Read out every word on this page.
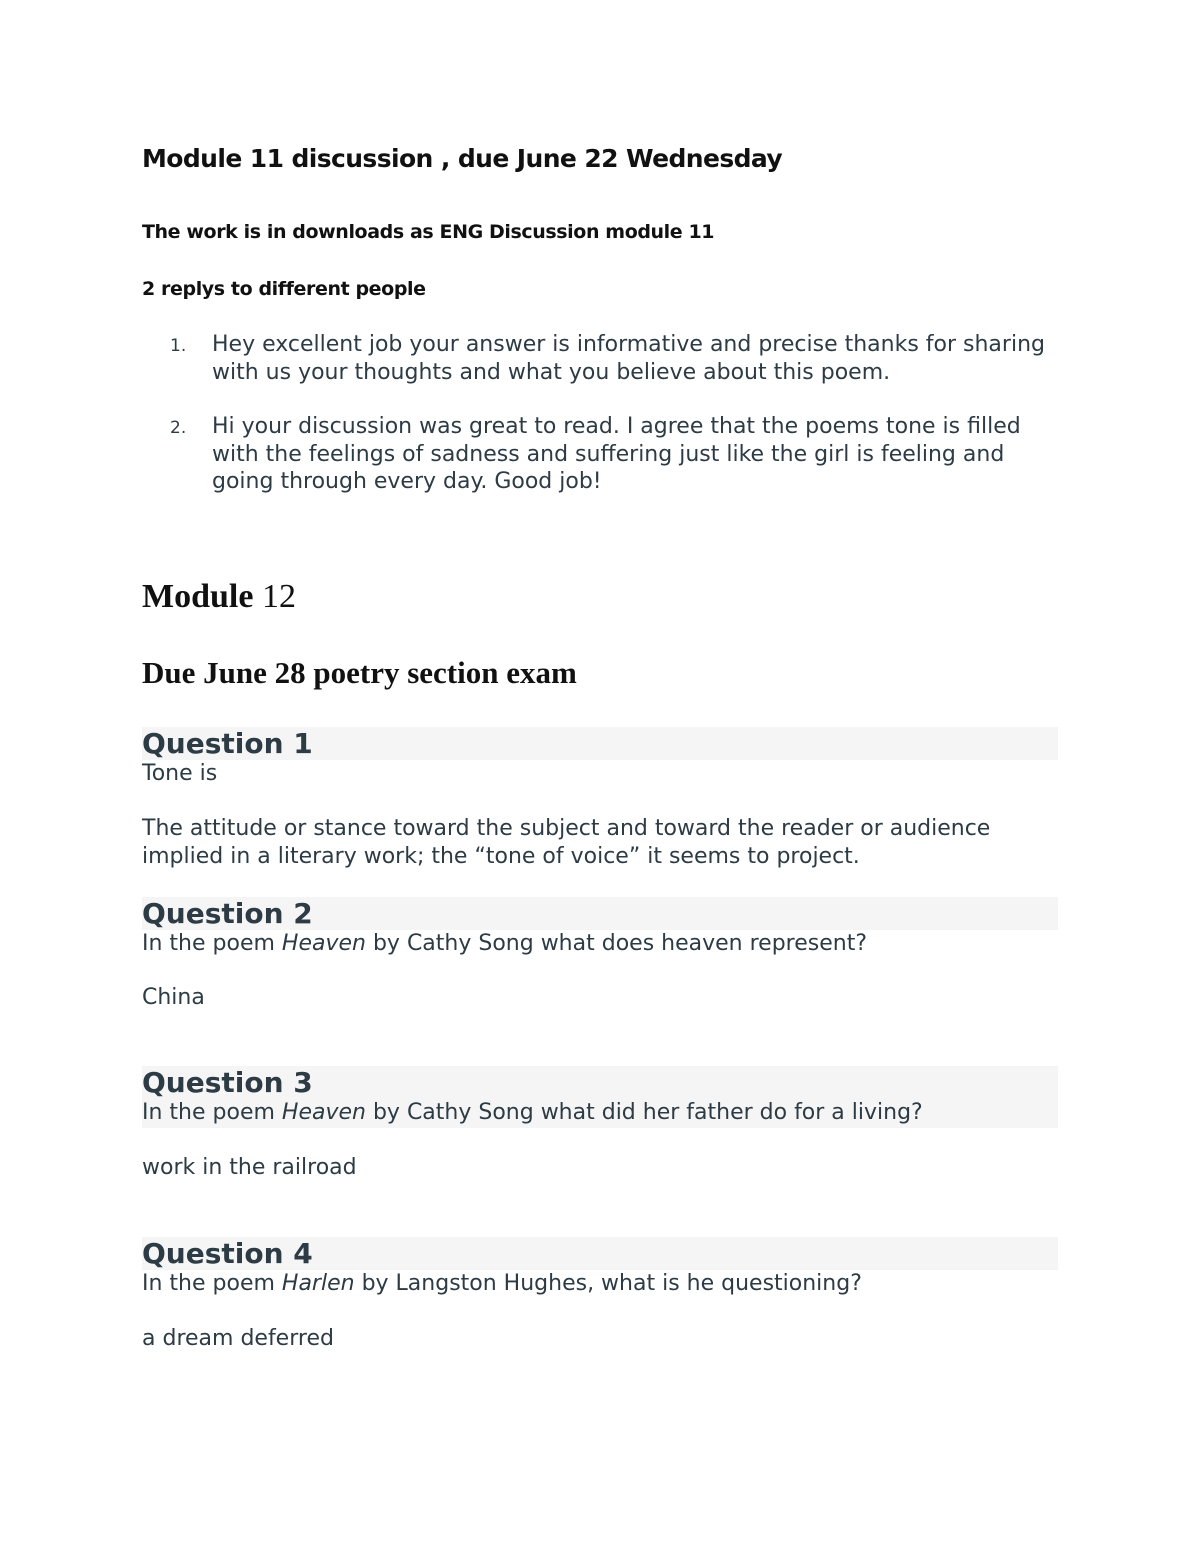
Module 11 discussion , due June 22 Wednesday

The work is in downloads as ENG Discussion module 11

2 replys to different people

1.	Hey excellent job your answer is informative and precise thanks for sharing with us your thoughts and what you believe about this poem.
2.	Hi your discussion was great to read. I agree that the poems tone is filled with the feelings of sadness and suffering just like the girl is feeling and going through every day. Good job!
Module 12
Due June 28 poetry section exam
Question 1
Tone is
The attitude or stance toward the subject and toward the reader or audience implied in a literary work; the “tone of voice” it seems to project.
Question 2
In the poem Heaven by Cathy Song what does heaven represent?
China
Question 3
In the poem Heaven by Cathy Song what did her father do for a living?
work in the railroad
Question 4
In the poem Harlen by Langston Hughes, what is he questioning?
a dream deferred
